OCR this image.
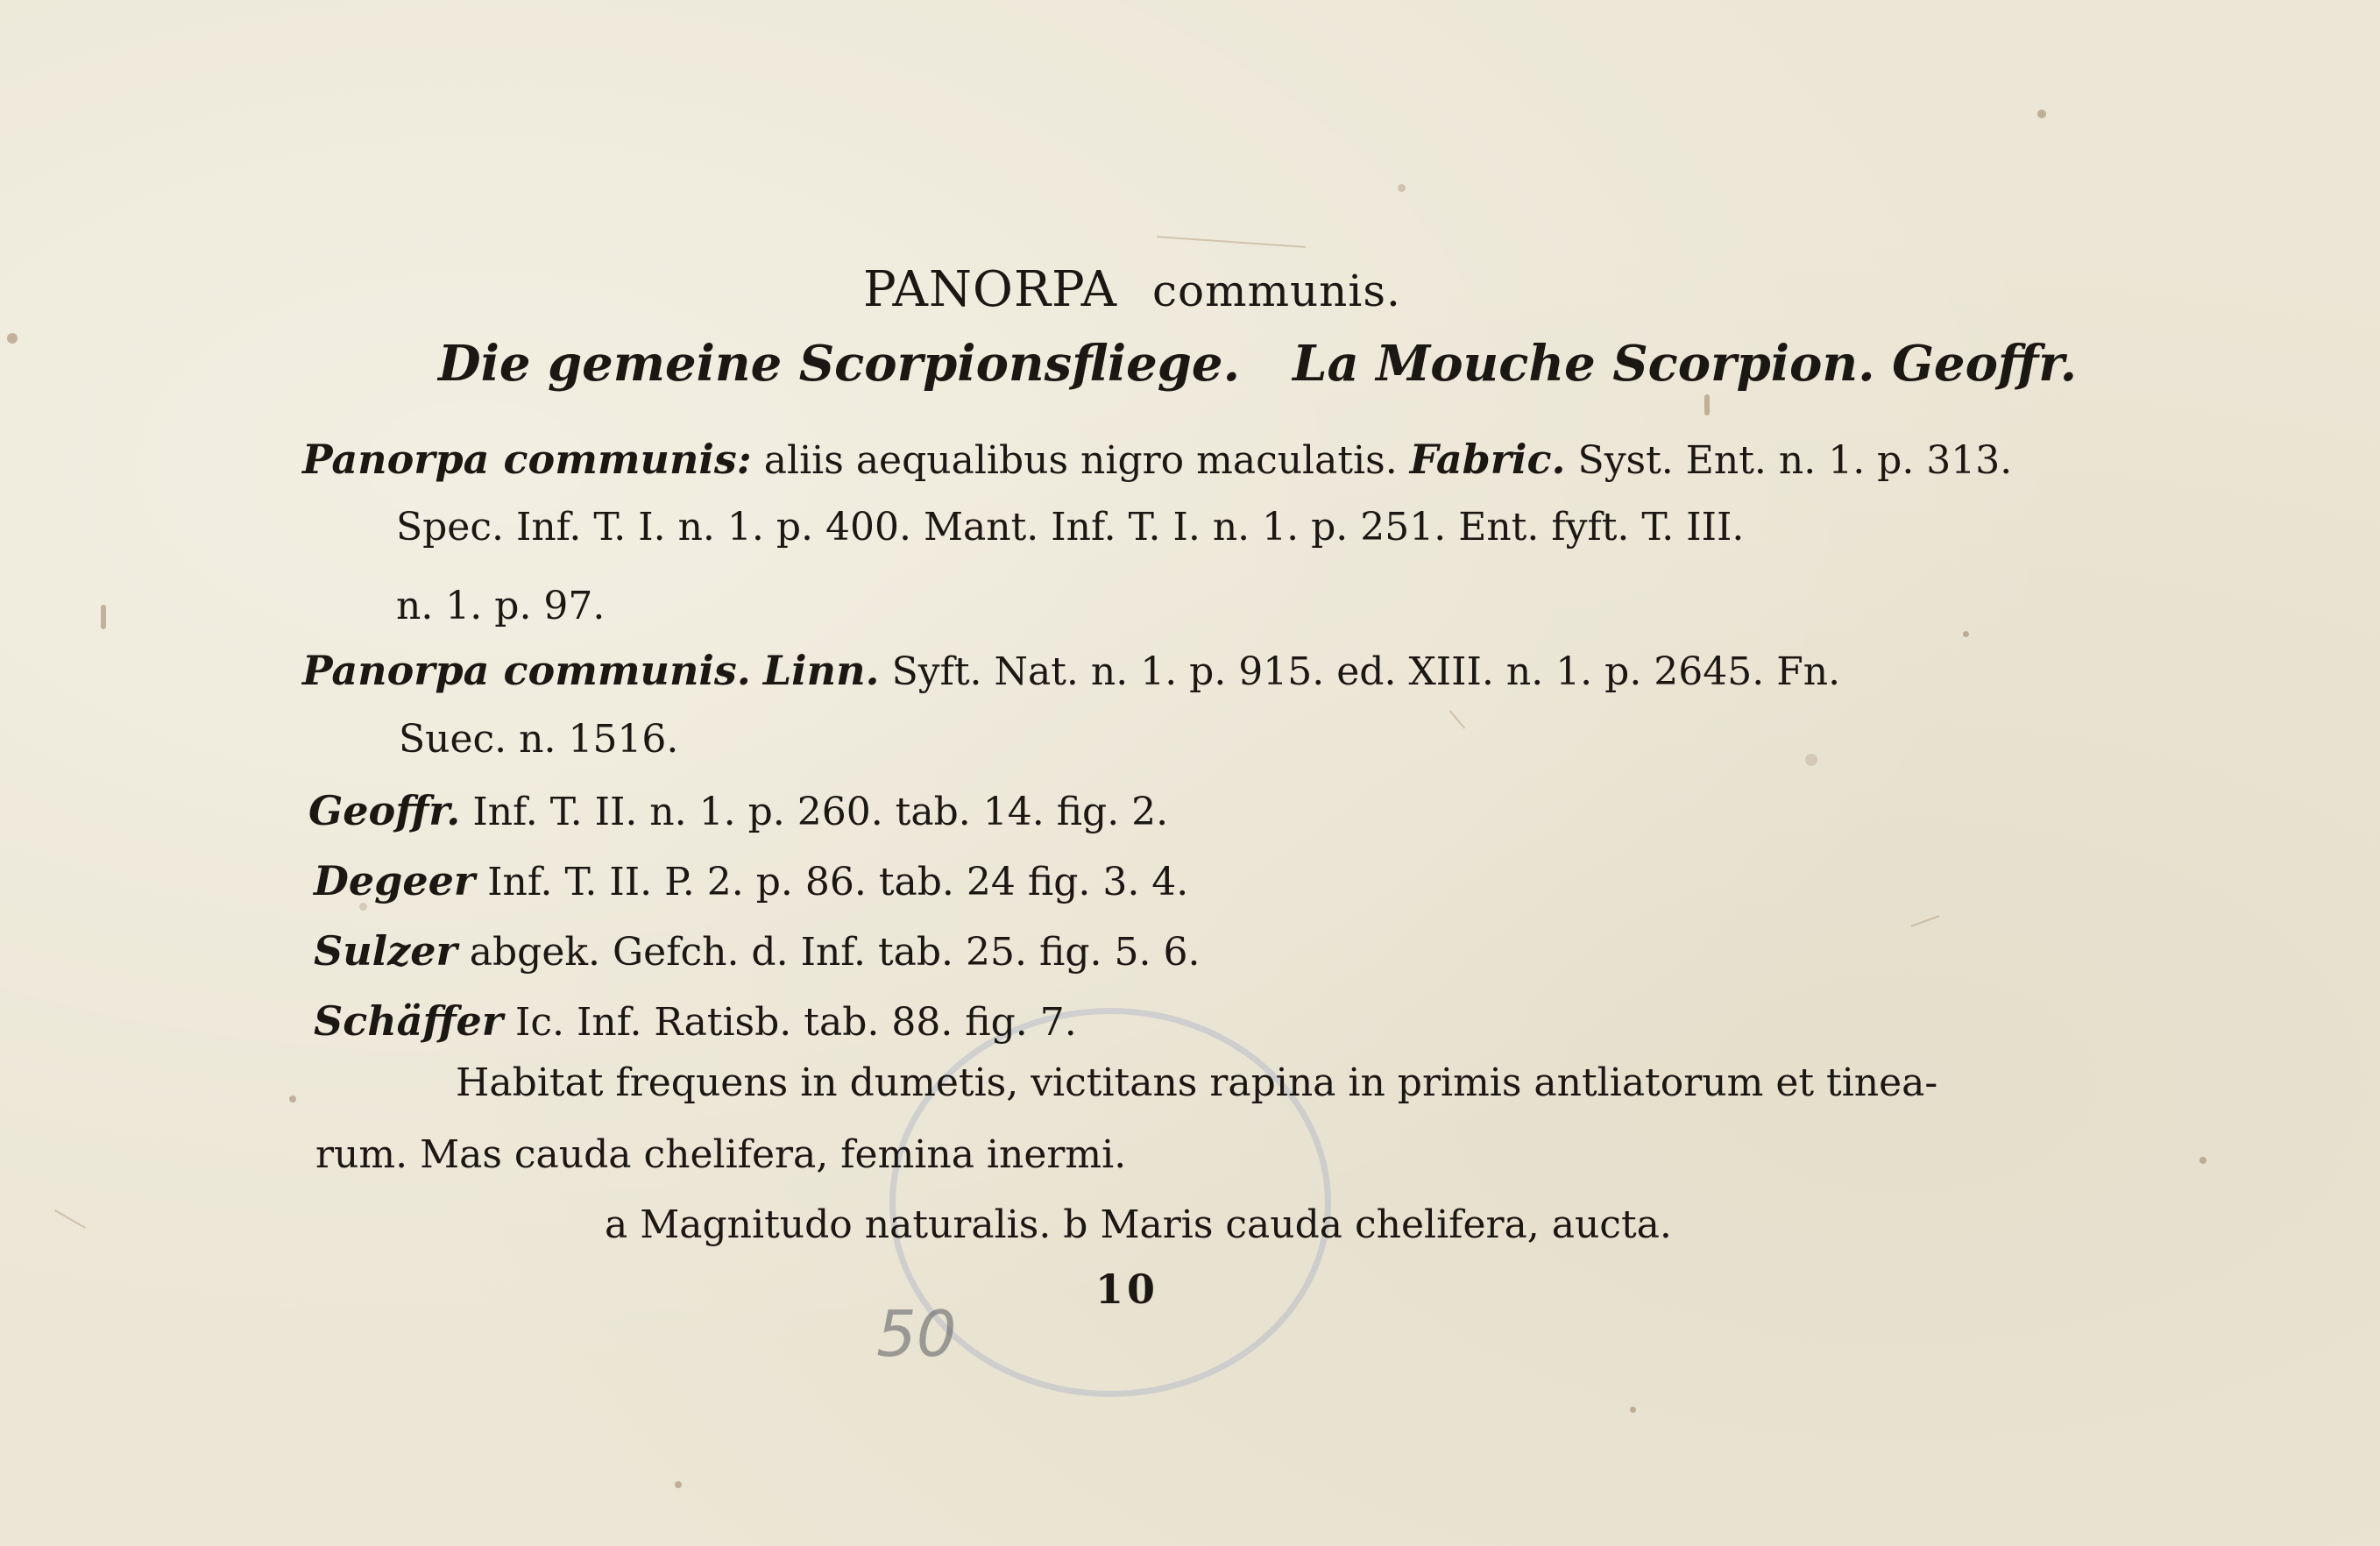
50
PANORPA communis.
Die gemeine Scorpionsfliege. La Mouche Scorpion. Geoffr.
Panorpa communis: aliis aequalibus nigro maculatis. Fabric. Syst. Ent. n. 1. p. 313.
Spec. Inf. T. I. n. 1. p. 400. Mant. Inf. T. I. n. 1. p. 251. Ent. fyft. T. III.
n. 1. p. 97.
Panorpa communis. Linn. Syft. Nat. n. 1. p. 915. ed. XIII. n. 1. p. 2645. Fn.
Suec. n. 1516.
Geoffr. Inf. T. II. n. 1. p. 260. tab. 14. fig. 2.
Degeer Inf. T. II. P. 2. p. 86. tab. 24 fig. 3. 4.
Sulzer abgek. Gefch. d. Inf. tab. 25. fig. 5. 6.
Schäffer Ic. Inf. Ratisb. tab. 88. fig. 7.
Habitat frequens in dumetis, victitans rapina in primis antliatorum et tinea-
rum. Mas cauda chelifera, femina inermi.
a Magnitudo naturalis. b Maris cauda chelifera, aucta.
10
